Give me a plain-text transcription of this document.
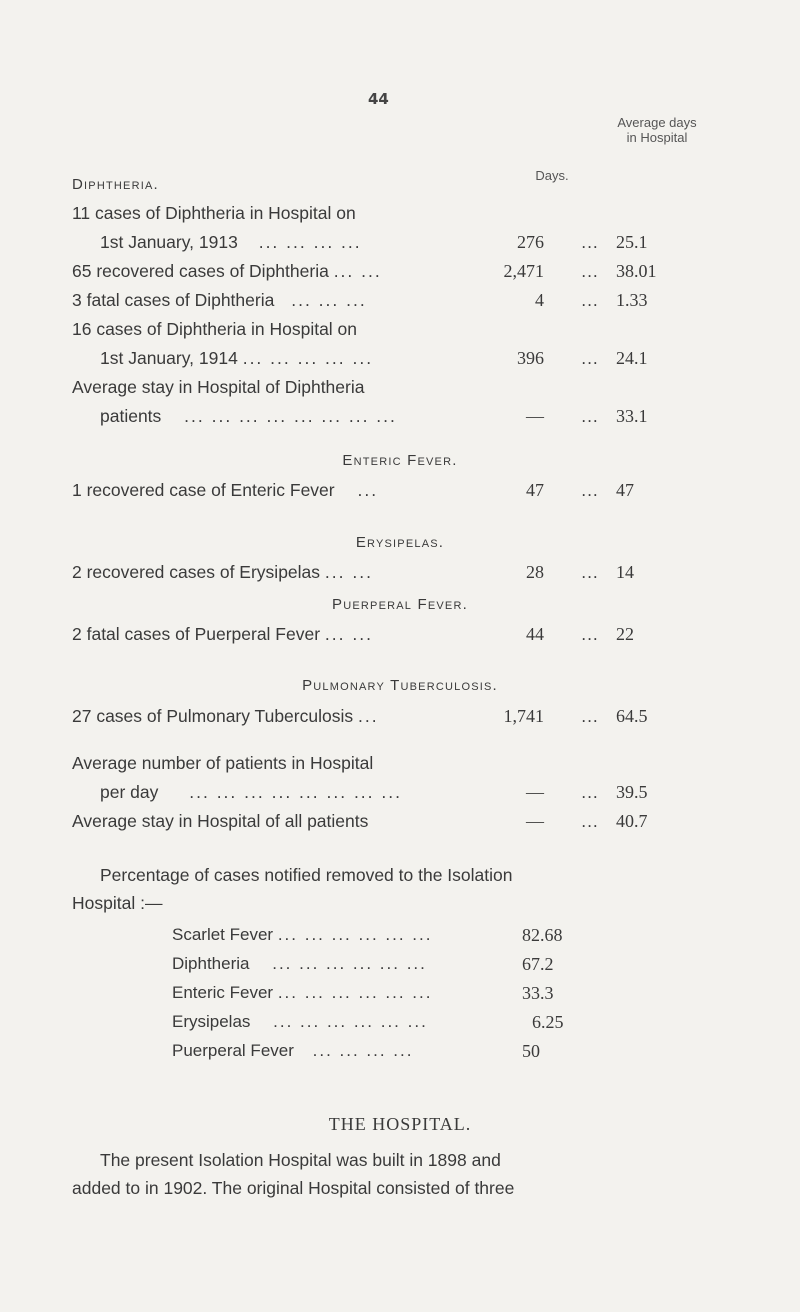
44
Average days in Hospital
Days.
Diphtheria.
11 cases of Diphtheria in Hospital on
1st January, 1913 ... ... ... ...	276	... 25.1
65 recovered cases of Diphtheria ... ...	2,471	... 38.01
3 fatal cases of Diphtheria ... ... ...	4	... 1.33
16 cases of Diphtheria in Hospital on
1st January, 1914 ... ... ... ... ...	396	... 24.1
Average stay in Hospital of Diphtheria
patients ... ... ... ... ... ... ... ...	—	... 33.1
Enteric Fever.
1 recovered case of Enteric Fever ...	47	... 47
Erysipelas.
2 recovered cases of Erysipelas ... ...	28	... 14
Puerperal Fever.
2 fatal cases of Puerperal Fever ... ...	44	... 22
Pulmonary Tuberculosis.
27 cases of Pulmonary Tuberculosis ...	1,741	... 64.5
Average number of patients in Hospital
per day ... ... ... ... ... ... ... ...	—	... 39.5
Average stay in Hospital of all patients	—	... 40.7
Percentage of cases notified removed to the Isolation
Hospital :—
Scarlet Fever ... ... ... ... ... ...	82.68
Diphtheria ... ... ... ... ... ...	67.2
Enteric Fever ... ... ... ... ... ...	33.3
Erysipelas ... ... ... ... ... ...	6.25
Puerperal Fever ... ... ... ...	50
THE HOSPITAL.
The present Isolation Hospital was built in 1898 and
added to in 1902. The original Hospital consisted of three
